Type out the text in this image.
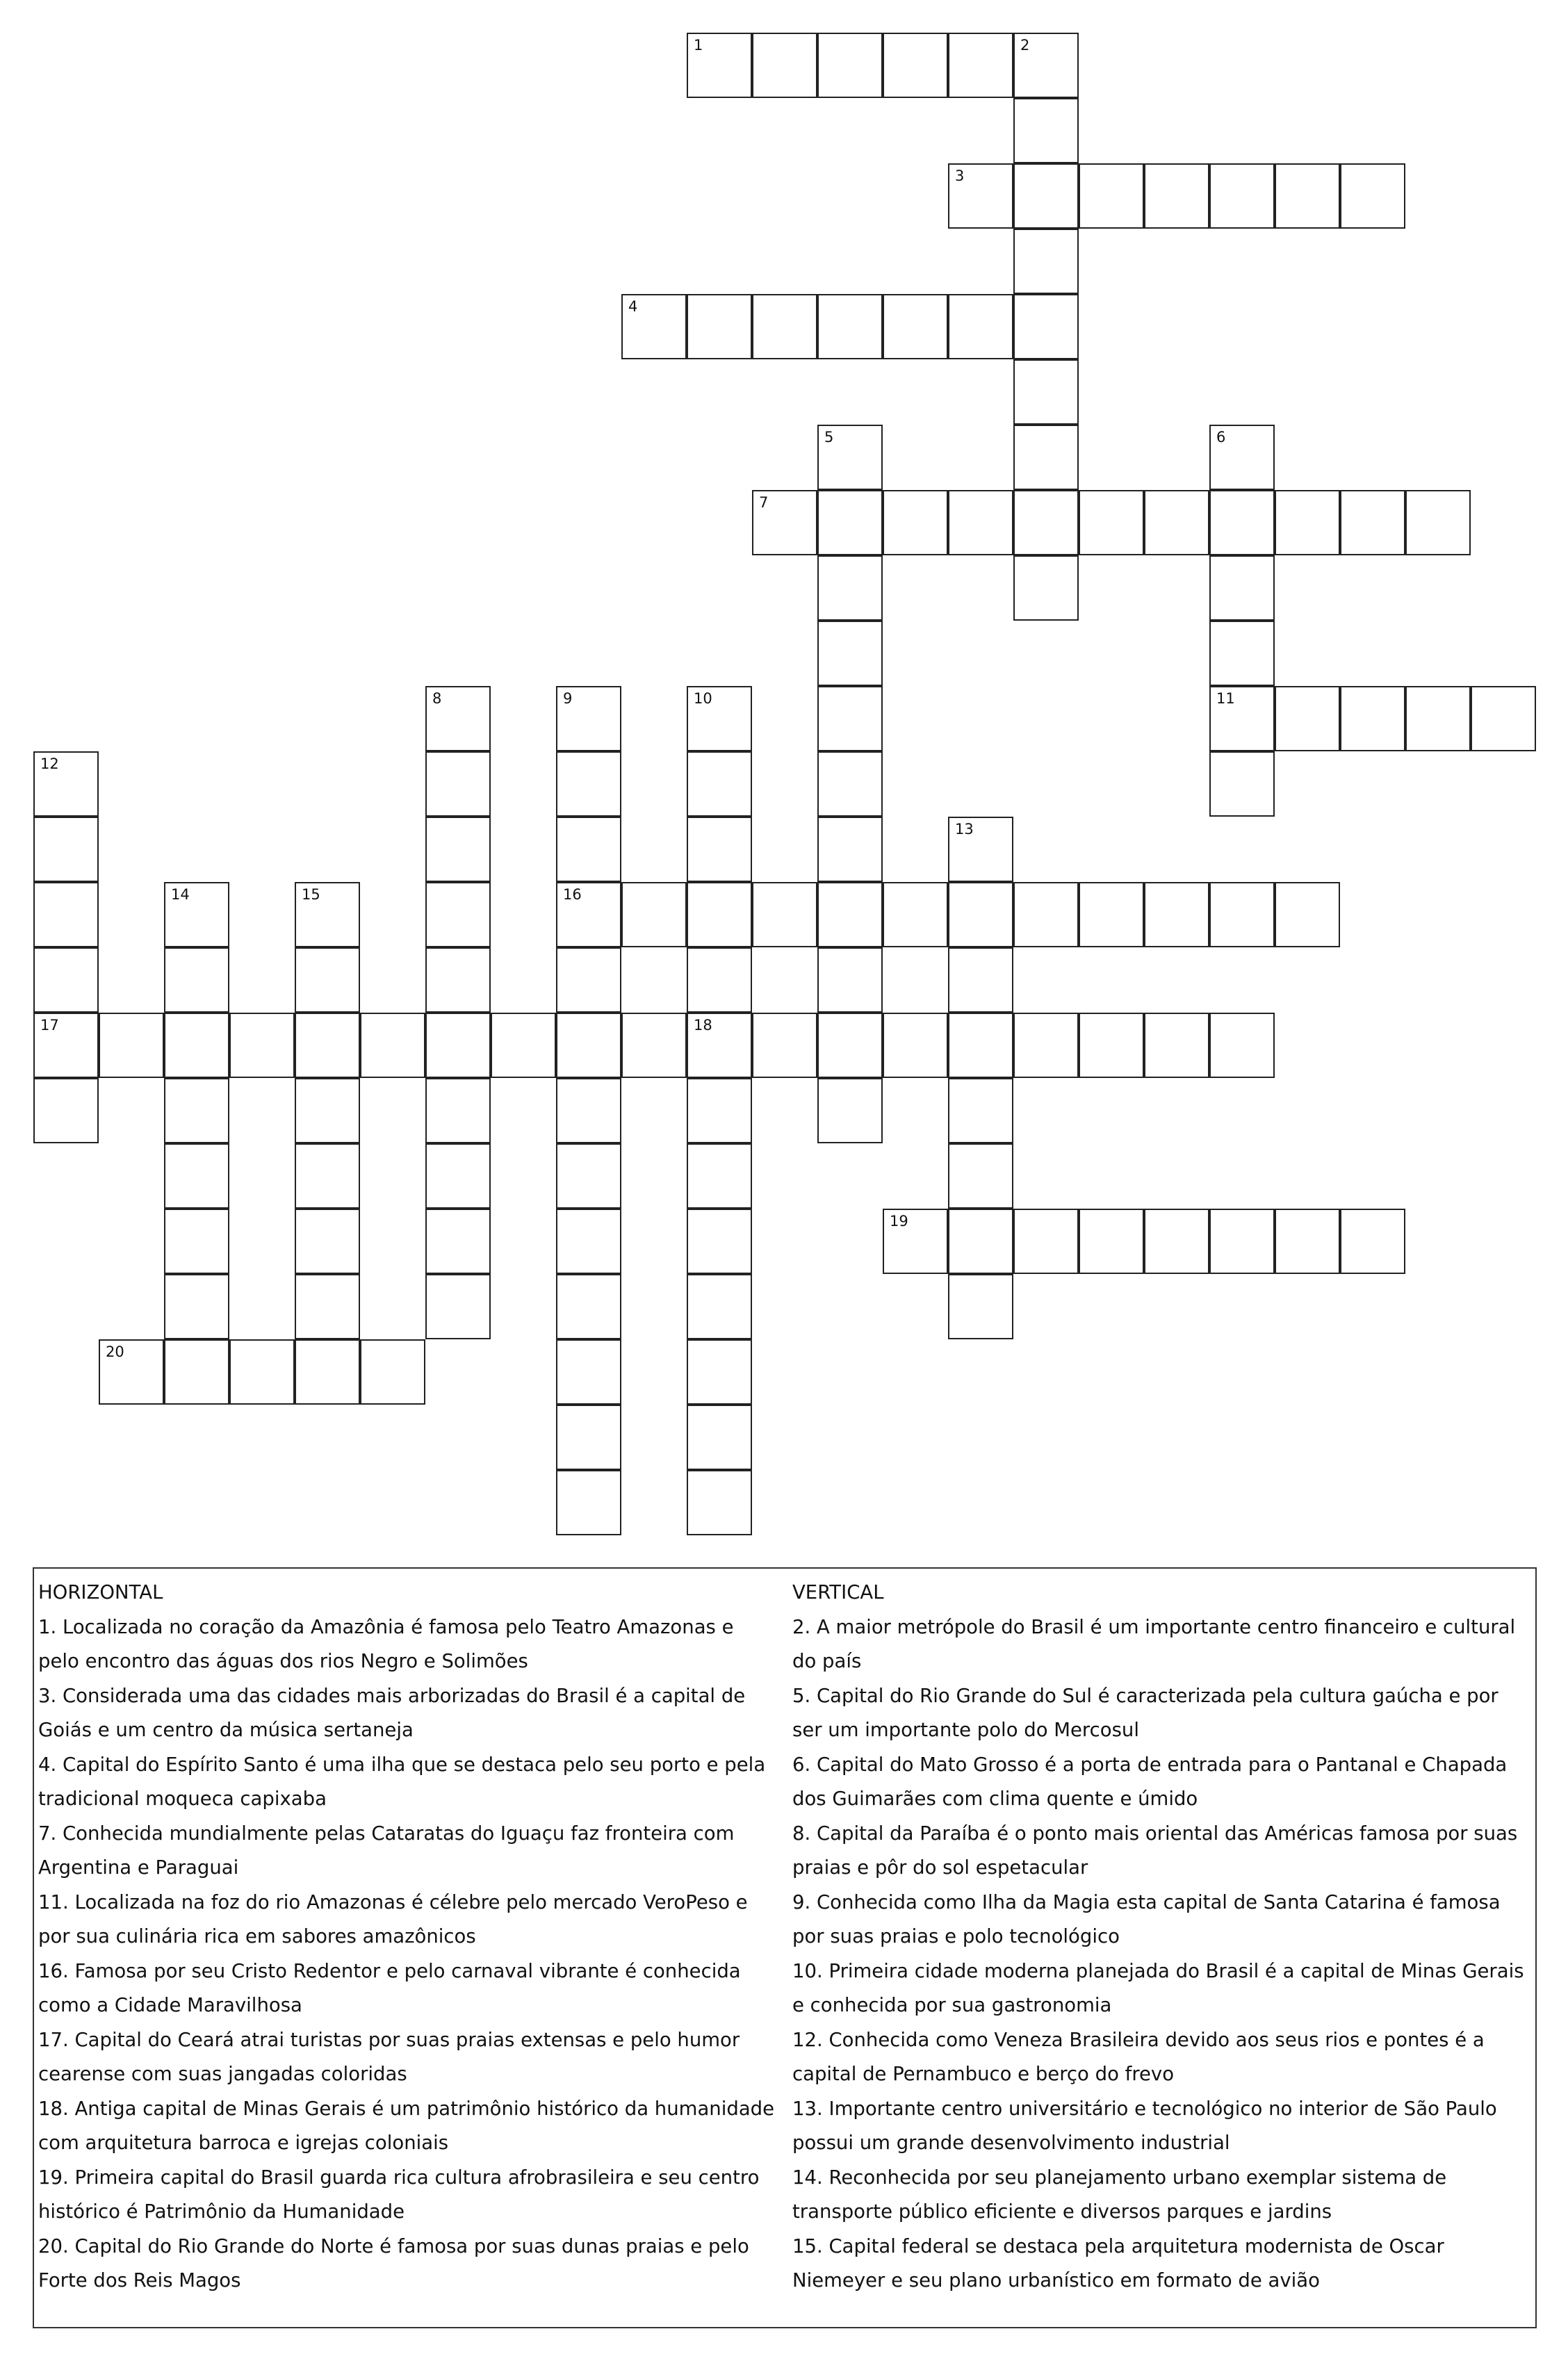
1	2
3
4
5	6
11
7
8	9
16
10
18
12
17
13
14	15
19
20
HORIZONTAL
1. Localizada no coração da Amazônia é famosa pelo Teatro Amazonas e pelo encontro das águas dos rios Negro e Solimões
3. Considerada uma das cidades mais arborizadas do Brasil é a capital de Goiás e um centro da música sertaneja
4. Capital do Espírito Santo é uma ilha que se destaca pelo seu porto e pela tradicional moqueca capixaba
7. Conhecida mundialmente pelas Cataratas do Iguaçu faz fronteira com Argentina e Paraguai
11. Localizada na foz do rio Amazonas é célebre pelo mercado VeroPeso e por sua culinária rica em sabores amazônicos
16. Famosa por seu Cristo Redentor e pelo carnaval vibrante é conhecida como a Cidade Maravilhosa
17. Capital do Ceará atrai turistas por suas praias extensas e pelo humor cearense com suas jangadas coloridas
18. Antiga capital de Minas Gerais é um patrimônio histórico da humanidade com arquitetura barroca e igrejas coloniais
19. Primeira capital do Brasil guarda rica cultura afrobrasileira e seu centro histórico é Patrimônio da Humanidade
20. Capital do Rio Grande do Norte é famosa por suas dunas praias e pelo Forte dos Reis Magos
VERTICAL
2. A maior metrópole do Brasil é um importante centro financeiro e cultural do país
5. Capital do Rio Grande do Sul é caracterizada pela cultura gaúcha e por ser um importante polo do Mercosul
6. Capital do Mato Grosso é a porta de entrada para o Pantanal e Chapada dos Guimarães com clima quente e úmido
8. Capital da Paraíba é o ponto mais oriental das Américas famosa por suas praias e pôr do sol espetacular
9. Conhecida como Ilha da Magia esta capital de Santa Catarina é famosa por suas praias e polo tecnológico
10. Primeira cidade moderna planejada do Brasil é a capital de Minas Gerais e conhecida por sua gastronomia
12. Conhecida como Veneza Brasileira devido aos seus rios e pontes é a capital de Pernambuco e berço do frevo
13. Importante centro universitário e tecnológico no interior de São Paulo possui um grande desenvolvimento industrial
14. Reconhecida por seu planejamento urbano exemplar sistema de transporte público eficiente e diversos parques e jardins
15. Capital federal se destaca pela arquitetura modernista de Oscar Niemeyer e seu plano urbanístico em formato de avião
